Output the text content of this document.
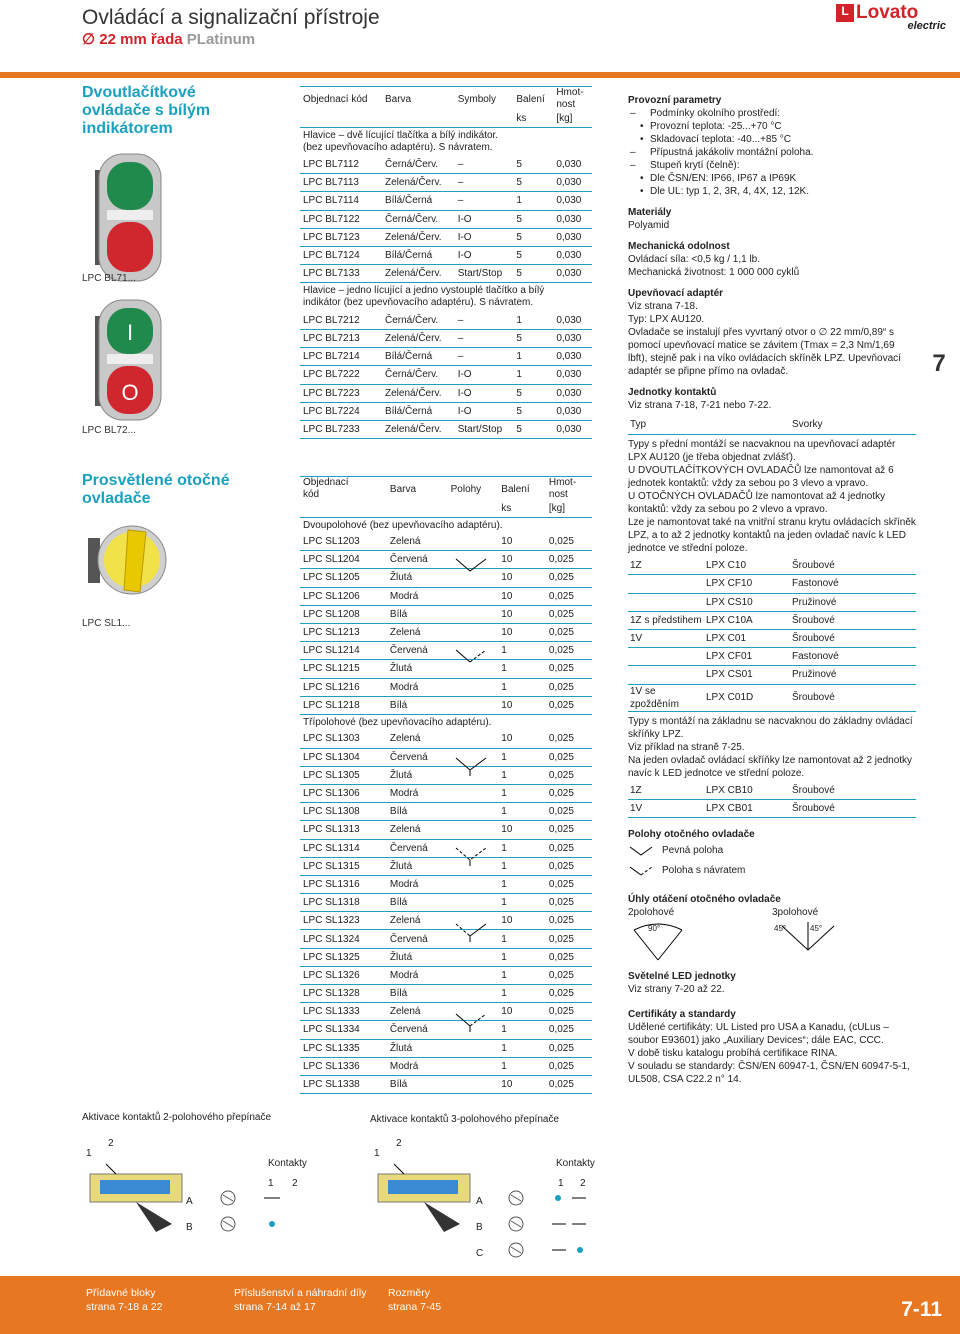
Ovládácí a signalizační přístroje
∅ 22 mm řada PLatinum
L Lovato
electric
Dvoutlačítkové ovládače s bílým indikátorem
LPC BL71...
I
O
LPC BL72...
Prosvětlené otočné ovladače
LPC SL1...
Aktivace kontaktů 2-polohového přepínače
2
1
Kontakty
1 2
A
B
Objednací kód	Barva	Symboly	Balení	Hmot-
nost
			ks	[kg]
Hlavice – dvě lícující tlačítka a bílý indikátor.
(bez upevňovacího adaptéru). S návratem.				
LPC BL7112	Černá/Červ.	–	5	0,030
LPC BL7113	Zelená/Červ.	–	5	0,030
LPC BL7114	Bílá/Černá	–	1	0,030
LPC BL7122	Černá/Červ.	I-O	5	0,030
LPC BL7123	Zelená/Červ.	I-O	5	0,030
LPC BL7124	Bílá/Černá	I-O	5	0,030
LPC BL7133	Zelená/Červ.	Start/Stop	5	0,030
Hlavice – jedno lícující a jedno vystouplé tlačítko a bílý
indikátor (bez upevňovacího adaptéru). S návratem.				
LPC BL7212	Černá/Červ.	–	1	0,030
LPC BL7213	Zelená/Červ.	–	5	0,030
LPC BL7214	Bílá/Černá	–	1	0,030
LPC BL7222	Černá/Červ.	I-O	1	0,030
LPC BL7223	Zelená/Červ.	I-O	5	0,030
LPC BL7224	Bílá/Černá	I-O	5	0,030
LPC BL7233	Zelená/Červ.	Start/Stop	5	0,030
Objednací
kód	Barva	Polohy	Balení	Hmot-
nost
			ks	[kg]
Dvoupolohové (bez upevňovacího adaptéru).				
LPC SL1203	Zelená		10	0,025
LPC SL1204	Červená		10	0,025
LPC SL1205	Žlutá		10	0,025
LPC SL1206	Modrá		10	0,025
LPC SL1208	Bílá		10	0,025
LPC SL1213	Zelená		10	0,025
LPC SL1214	Červená		1	0,025
LPC SL1215	Žlutá		1	0,025
LPC SL1216	Modrá		1	0,025
LPC SL1218	Bílá		10	0,025
Třípolohové (bez upevňovacího adaptéru).				
LPC SL1303	Zelená		10	0,025
LPC SL1304	Červená		1	0,025
LPC SL1305	Žlutá		1	0,025
LPC SL1306	Modrá		1	0,025
LPC SL1308	Bílá		1	0,025
LPC SL1313	Zelená		10	0,025
LPC SL1314	Červená		1	0,025
LPC SL1315	Žlutá		1	0,025
LPC SL1316	Modrá		1	0,025
LPC SL1318	Bílá		1	0,025
LPC SL1323	Zelená		10	0,025
LPC SL1324	Červená		1	0,025
LPC SL1325	Žlutá		1	0,025
LPC SL1326	Modrá		1	0,025
LPC SL1328	Bílá		1	0,025
LPC SL1333	Zelená		10	0,025
LPC SL1334	Červená		1	0,025
LPC SL1335	Žlutá		1	0,025
LPC SL1336	Modrá		1	0,025
LPC SL1338	Bílá		10	0,025
Aktivace kontaktů 3-polohového přepínače
2
1
Kontakty
1 2
A
B
C

Provozní parametry

– Podmínky okolního prostředí:

• Provozní teplota: -25...+70 °C

• Skladovací teplota: -40...+85 °C

– Přípustná jakákoliv montážní poloha.

– Stupeň krytí (čelně):

• Dle ČSN/EN: IP66, IP67 a IP69K

• Dle UL: typ 1, 2, 3R, 4, 4X, 12, 12K.

Materiály

Polyamid

Mechanická odolnost

Ovládací síla: <0,5 kg / 1,1 lb.

Mechanická životnost: 1 000 000 cyklů

Upevňovací adaptér

Viz strana 7-18.

Typ: LPX AU120.

Ovladače se instalují přes vyvrtaný otvor o ∅ 22 mm/0,89“ s pomocí upevňovací matice se závitem (Tmax = 2,3 Nm/1,69 lbft), stejně pak i na víko ovládacích skříněk LPZ. Upevňovací adaptér se připne přímo na ovladač.

Jednotky kontaktů

Viz strana 7-18, 7-21 nebo 7-22.

Typ	Svorky

Typy s přední montáží se nacvaknou na upevňovací adaptér LPX AU120 (je třeba objednat zvlášť).

U DVOUTLAČÍTKOVÝCH OVLADAČŮ lze namontovat až 6 jednotek kontaktů: vždy za sebou po 3 vlevo a vpravo.

U OTOČNÝCH OVLADAČŮ lze namontovat až 4 jednotky kontaktů: vždy za sebou po 2 vlevo a vpravo.

Lze je namontovat také na vnitřní stranu krytu ovládacích skříněk LPZ, a to až 2 jednotky kontaktů na jeden ovladač navíc k LED jednotce ve střední poloze.

1Z	LPX C10	Šroubové
	LPX CF10	Fastonové
	LPX CS10	Pružinové
1Z s předstihem	LPX C10A	Šroubové
1V	LPX C01	Šroubové
	LPX CF01	Fastonové
	LPX CS01	Pružinové
1V se zpožděním	LPX C01D	Šroubové

Typy s montáží na základnu se nacvaknou do základny ovládací skříňky LPZ.

Viz příklad na straně 7-25.

Na jeden ovladač ovládací skříňky lze namontovat až 2 jednotky navíc k LED jednotce ve střední poloze.

1Z	LPX CB10	Šroubové
1V	LPX CB01	Šroubové

Polohy otočného ovladače

Pevná poloha
Poloha s návratem

Úhly otáčení otočného ovladače

2polohové	3polohové
90°	45°	45°

Světelné LED jednotky

Viz strany 7-20 až 22.

Certifikáty a standardy

Udělené certifikáty: UL Listed pro USA a Kanadu, (cULus – soubor E93601) jako „Auxiliary Devices“; dále EAC, CCC.

V době tisku katalogu probíhá certifikace RINA.

V souladu se standardy: ČSN/EN 60947-1, ČSN/EN 60947-5-1, UL508, CSA C22.2 n° 14.

7
Přídavné bloky
strana 7-18 a 22
Příslušenství a náhradní díly
strana 7-14 až 17
Rozměry
strana 7-45	7-11
